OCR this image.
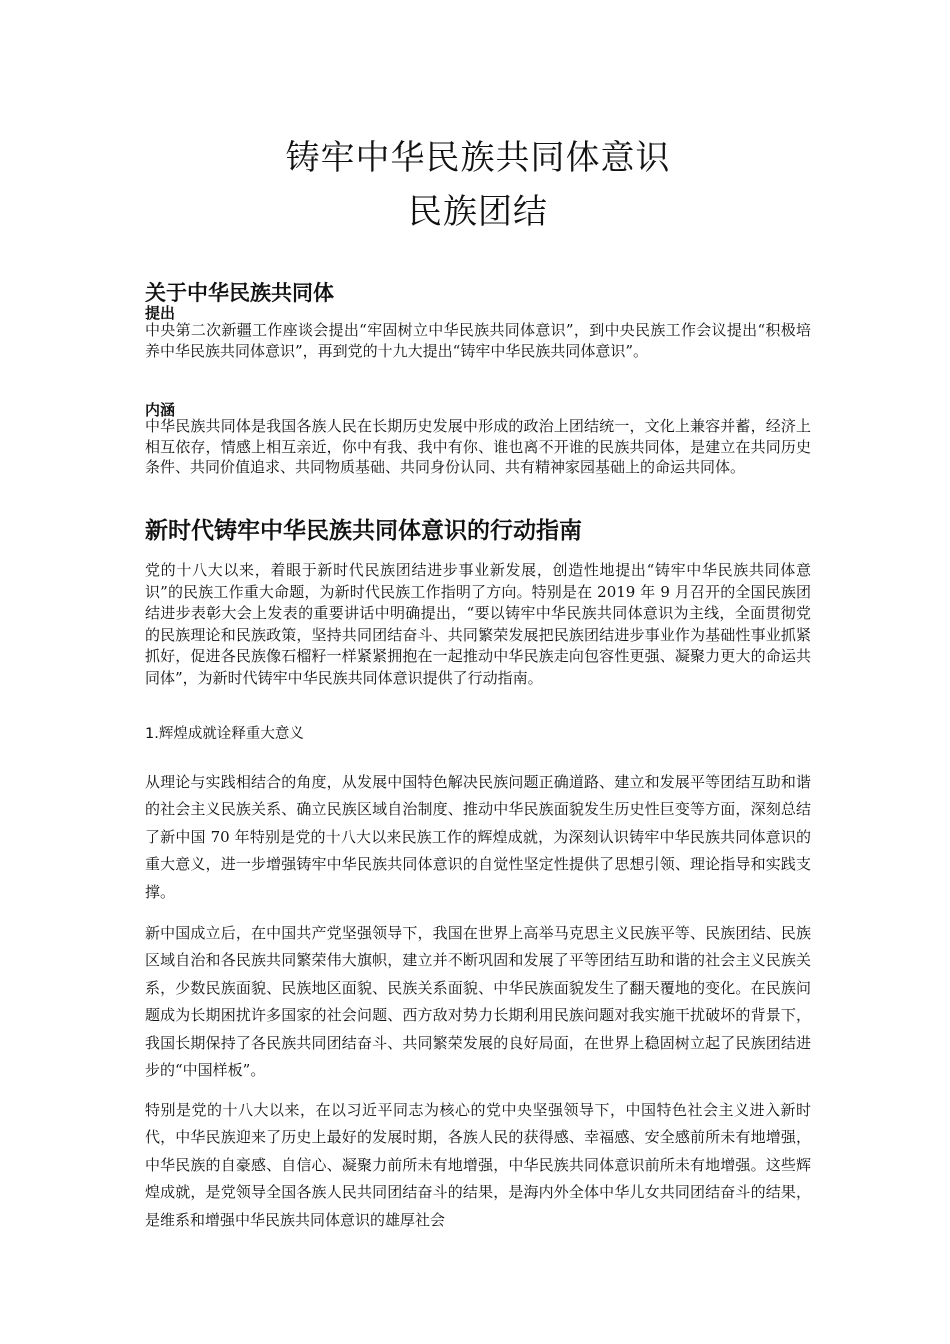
铸牢中华民族共同体意识
民族团结
关于中华民族共同体
提出

中央第二次新疆工作座谈会提出“牢固树立中华民族共同体意识”，到中央民族工作会议提出“积极培养中华民族共同体意识”，再到党的十九大提出“铸牢中华民族共同体意识”。

内涵

中华民族共同体是我国各族人民在长期历史发展中形成的政治上团结统一，文化上兼容并蓄，经济上相互依存，情感上相互亲近，你中有我、我中有你、谁也离不开谁的民族共同体，是建立在共同历史条件、共同价值追求、共同物质基础、共同身份认同、共有精神家园基础上的命运共同体。

新时代铸牢中华民族共同体意识的行动指南

党的十八大以来，着眼于新时代民族团结进步事业新发展，创造性地提出“铸牢中华民族共同体意识”的民族工作重大命题，为新时代民族工作指明了方向。特别是在 2019 年 9 月召开的全国民族团结进步表彰大会上发表的重要讲话中明确提出，“要以铸牢中华民族共同体意识为主线，全面贯彻党的民族理论和民族政策，坚持共同团结奋斗、共同繁荣发展把民族团结进步事业作为基础性事业抓紧抓好，促进各民族像石榴籽一样紧紧拥抱在一起推动中华民族走向包容性更强、凝聚力更大的命运共同体”，为新时代铸牢中华民族共同体意识提供了行动指南。

1.辉煌成就诠释重大意义

从理论与实践相结合的角度，从发展中国特色解决民族问题正确道路、建立和发展平等团结互助和谐的社会主义民族关系、确立民族区域自治制度、推动中华民族面貌发生历史性巨变等方面，深刻总结了新中国 70 年特别是党的十八大以来民族工作的辉煌成就，为深刻认识铸牢中华民族共同体意识的重大意义，进一步增强铸牢中华民族共同体意识的自觉性坚定性提供了思想引领、理论指导和实践支撑。

新中国成立后，在中国共产党坚强领导下，我国在世界上高举马克思主义民族平等、民族团结、民族区域自治和各民族共同繁荣伟大旗帜，建立并不断巩固和发展了平等团结互助和谐的社会主义民族关系，少数民族面貌、民族地区面貌、民族关系面貌、中华民族面貌发生了翻天覆地的变化。在民族问题成为长期困扰许多国家的社会问题、西方敌对势力长期利用民族问题对我实施干扰破坏的背景下，我国长期保持了各民族共同团结奋斗、共同繁荣发展的良好局面，在世界上稳固树立起了民族团结进步的“中国样板”。

特别是党的十八大以来，在以习近平同志为核心的党中央坚强领导下，中国特色社会主义进入新时代，中华民族迎来了历史上最好的发展时期，各族人民的获得感、幸福感、安全感前所未有地增强，中华民族的自豪感、自信心、凝聚力前所未有地增强，中华民族共同体意识前所未有地增强。这些辉煌成就，是党领导全国各族人民共同团结奋斗的结果，是海内外全体中华儿女共同团结奋斗的结果，是维系和增强中华民族共同体意识的雄厚社会
